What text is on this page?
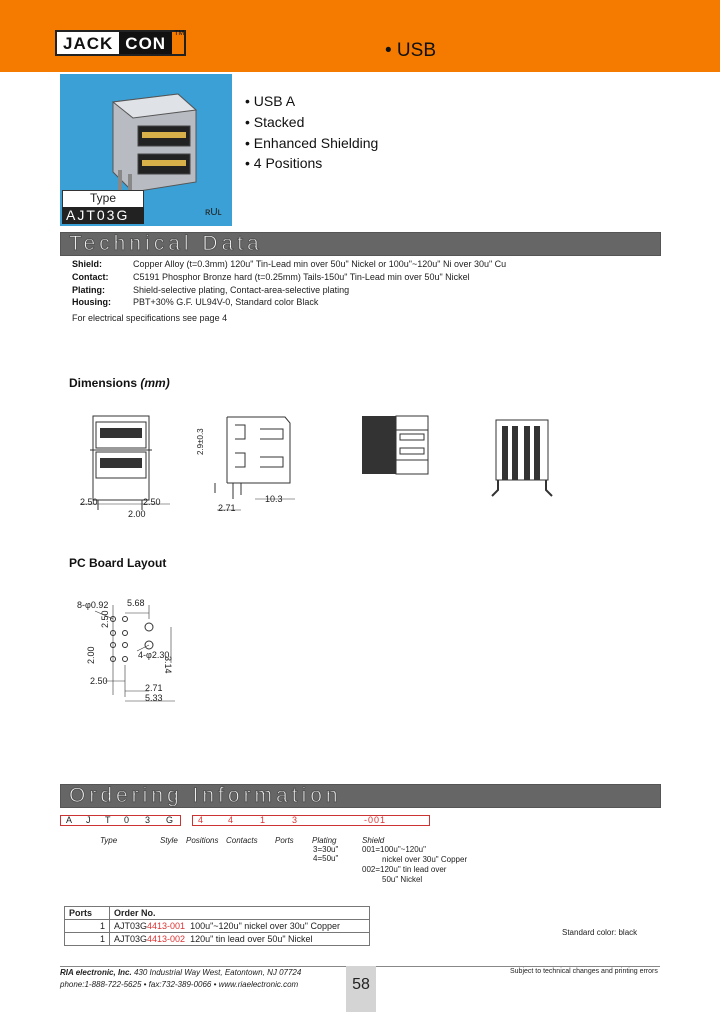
JACK CON
TM
• USB
Type
AJT03G	ʀUʟ
• USB A
• Stacked
• Enhanced Shielding
• 4 Positions
Technical Data
Shield:	Copper Alloy (t=0.3mm) 120u" Tin-Lead min over 50u" Nickel or 100u"~120u" Ni over 30u" Cu
Contact:	C5191 Phosphor Bronze hard (t=0.25mm) Tails-150u" Tin-Lead min over 50u" Nickel
Plating:	Shield-selective plating, Contact-area-selective plating
Housing: PBT+30% G.F. UL94V-0, Standard color Black
For electrical specifications see page 4
Dimensions (mm)
2.50	2.50
2.00
2.9±0.3
10.3
2.71
PC Board Layout
8-φ0.92 5.68
2.50
2.00	4-φ2.30
3.14
2.50
2.71
5.33
Ordering Information
A J T 0 3 G	4	4	1	3	-001
Type	Style Positions Contacts Ports Plating	Shield
3=30u"
4=50u"
001=100u"~120u"
nickel over 30u" Copper
002=120u" tin lead over
50u" Nickel
Ports	Order No.
1	AJT03G4413-001 100u"~120u" nickel over 30u" Copper
1	AJT03G4413-002 120u" tin lead over 50u" Nickel
Standard color: black
58
RIA electronic, Inc. 430 Industrial Way West, Eatontown, NJ 07724
phone:1-888-722-5625 • fax:732-389-0066 • www.riaelectronic.com
Subject to technical changes and printing errors
